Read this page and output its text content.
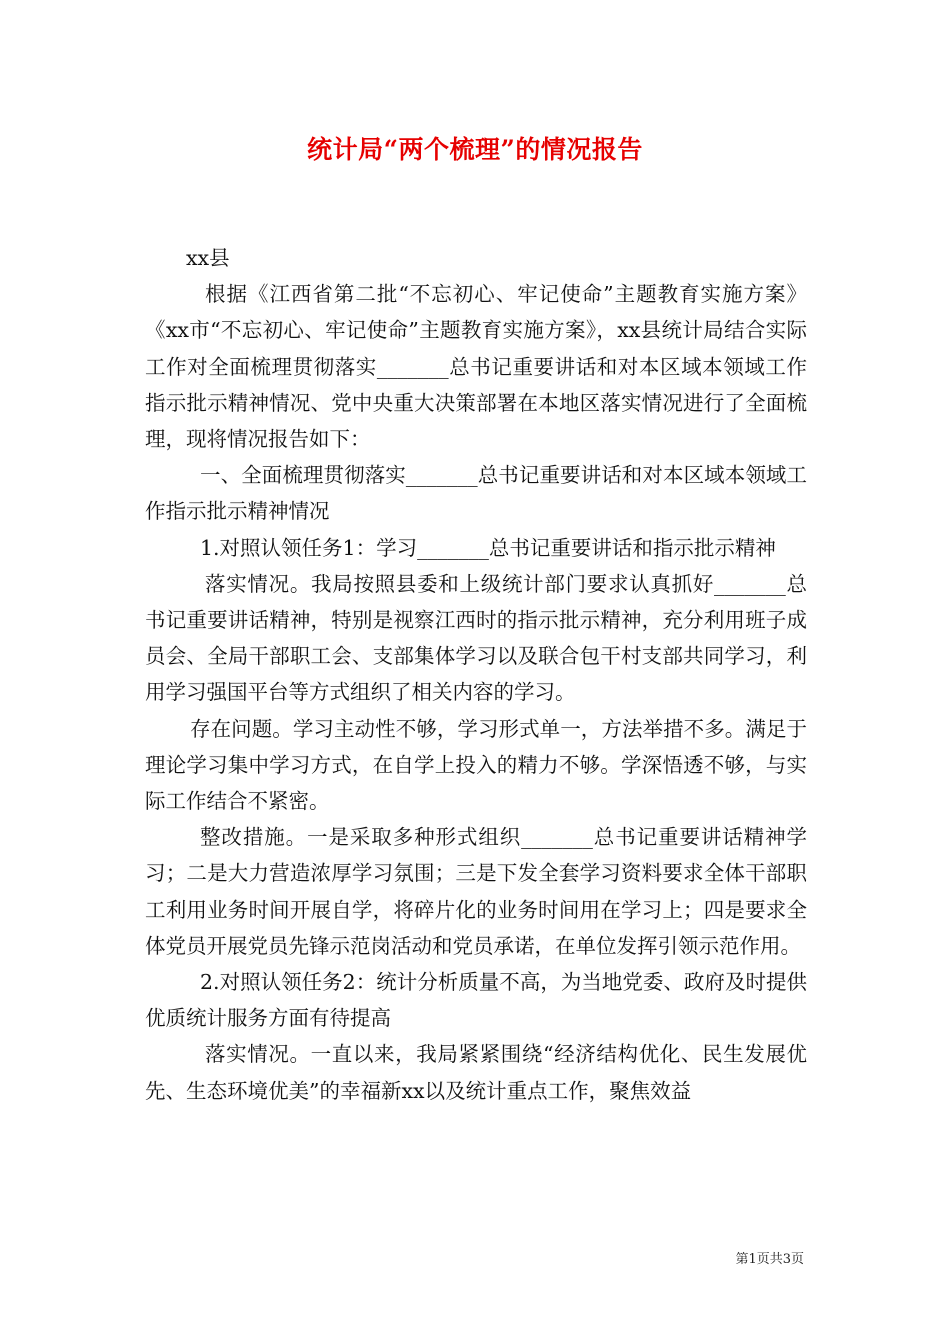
统计局“两个梳理”的情况报告

xx县

根据《江西省第二批“不忘初心、牢记使命”主题教育实施方案》《xx市“不忘初心、牢记使命”主题教育实施方案》，xx县统计局结合实际工作对全面梳理贯彻落实_______总书记重要讲话和对本区域本领域工作指示批示精神情况、党中央重大决策部署在本地区落实情况进行了全面梳理，现将情况报告如下：

一、全面梳理贯彻落实_______总书记重要讲话和对本区域本领域工作指示批示精神情况

1.对照认领任务1：学习_______总书记重要讲话和指示批示精神

落实情况。我局按照县委和上级统计部门要求认真抓好_______总书记重要讲话精神，特别是视察江西时的指示批示精神，充分利用班子成员会、全局干部职工会、支部集体学习以及联合包干村支部共同学习，利用学习强国平台等方式组织了相关内容的学习。

存在问题。学习主动性不够，学习形式单一，方法举措不多。满足于理论学习集中学习方式，在自学上投入的精力不够。学深悟透不够，与实际工作结合不紧密。

整改措施。一是采取多种形式组织_______总书记重要讲话精神学习；二是大力营造浓厚学习氛围；三是下发全套学习资料要求全体干部职工利用业务时间开展自学，将碎片化的业务时间用在学习上；四是要求全体党员开展党员先锋示范岗活动和党员承诺，在单位发挥引领示范作用。

2.对照认领任务2：统计分析质量不高，为当地党委、政府及时提供优质统计服务方面有待提高

落实情况。一直以来，我局紧紧围绕“经济结构优化、民生发展优先、生态环境优美”的幸福新xx以及统计重点工作，聚焦效益

第1页共3页
